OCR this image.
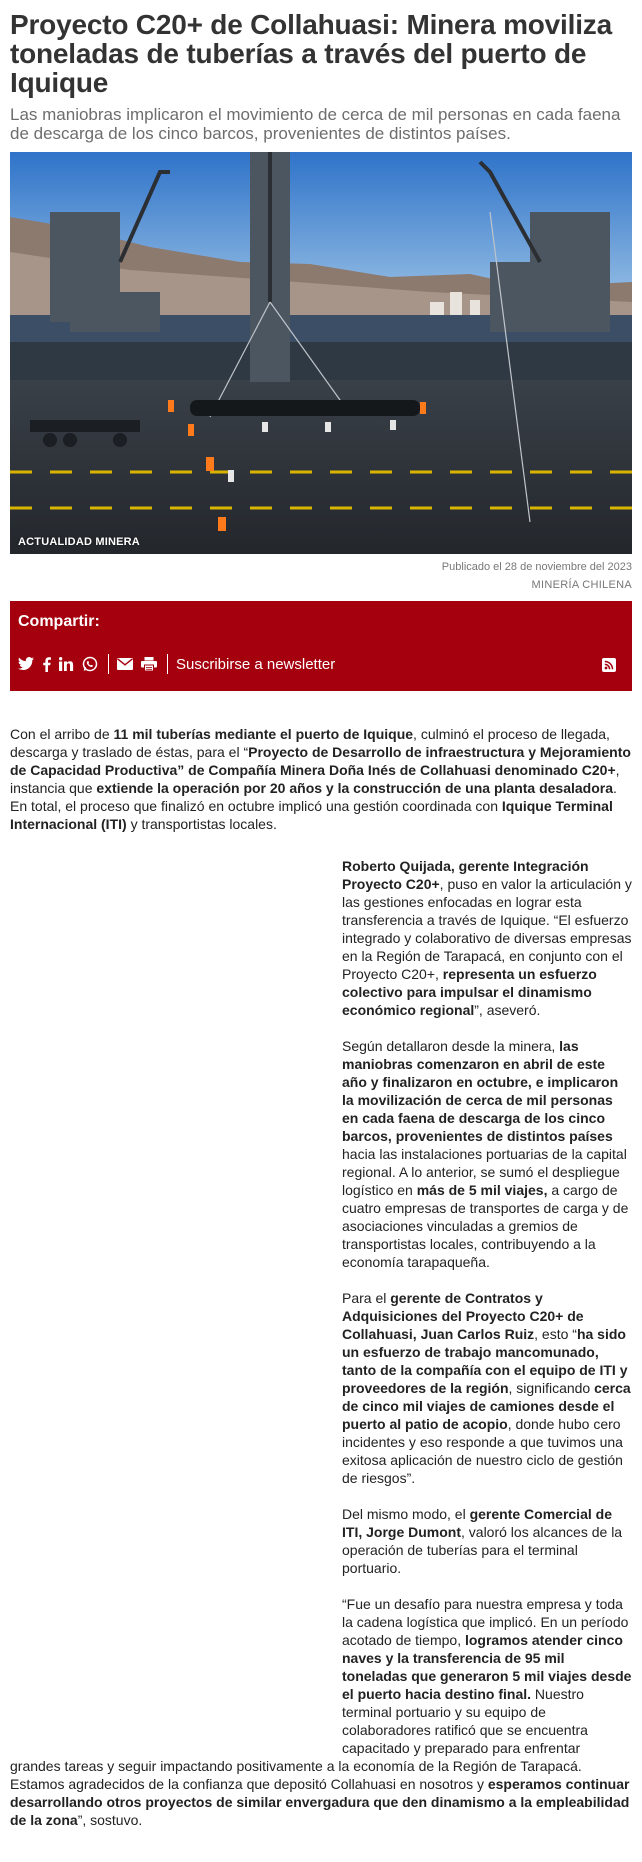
Proyecto C20+ de Collahuasi: Minera moviliza toneladas de tuberías a través del puerto de Iquique
Las maniobras implicaron el movimiento de cerca de mil personas en cada faena de descarga de los cinco barcos, provenientes de distintos países.
ACTUALIDAD MINERA
Publicado el 28 de noviembre del 2023
MINERÍA CHILENA
Compartir:
Suscribirse a newsletter

Con el arribo de 11 mil tuberías mediante el puerto de Iquique, culminó el proceso de llegada, descarga y traslado de éstas, para el “Proyecto de Desarrollo de infraestructura y Mejoramiento de Capacidad Productiva” de Compañía Minera Doña Inés de Collahuasi denominado C20+, instancia que extiende la operación por 20 años y la construcción de una planta desaladora. En total, el proceso que finalizó en octubre implicó una gestión coordinada con Iquique Terminal Internacional (ITI) y transportistas locales.

Roberto Quijada, gerente Integración Proyecto C20+, puso en valor la articulación y las gestiones enfocadas en lograr esta transferencia a través de Iquique. “El esfuerzo integrado y colaborativo de diversas empresas en la Región de Tarapacá, en conjunto con el Proyecto C20+, representa un esfuerzo colectivo para impulsar el dinamismo económico regional”, aseveró.

Según detallaron desde la minera, las maniobras comenzaron en abril de este año y finalizaron en octubre, e implicaron la movilización de cerca de mil personas en cada faena de descarga de los cinco barcos, provenientes de distintos países hacia las instalaciones portuarias de la capital regional. A lo anterior, se sumó el despliegue logístico en más de 5 mil viajes, a cargo de cuatro empresas de transportes de carga y de asociaciones vinculadas a gremios de transportistas locales, contribuyendo a la economía tarapaqueña.

Para el gerente de Contratos y Adquisiciones del Proyecto C20+ de Collahuasi, Juan Carlos Ruiz, esto “ha sido un esfuerzo de trabajo mancomunado, tanto de la compañía con el equipo de ITI y proveedores de la región, significando cerca de cinco mil viajes de camiones desde el puerto al patio de acopio, donde hubo cero incidentes y eso responde a que tuvimos una exitosa aplicación de nuestro ciclo de gestión de riesgos”.

Del mismo modo, el gerente Comercial de ITI, Jorge Dumont, valoró los alcances de la operación de tuberías para el terminal portuario.

“Fue un desafío para nuestra empresa y toda la cadena logística que implicó. En un período acotado de tiempo, logramos atender cinco naves y la transferencia de 95 mil toneladas que generaron 5 mil viajes desde el puerto hacia destino final. Nuestro terminal portuario y su equipo de colaboradores ratificó que se encuentra capacitado y preparado para enfrentar

grandes tareas y seguir impactando positivamente a la economía de la Región de Tarapacá. Estamos agradecidos de la confianza que depositó Collahuasi en nosotros y esperamos continuar desarrollando otros proyectos de similar envergadura que den dinamismo a la empleabilidad de la zona”, sostuvo.
